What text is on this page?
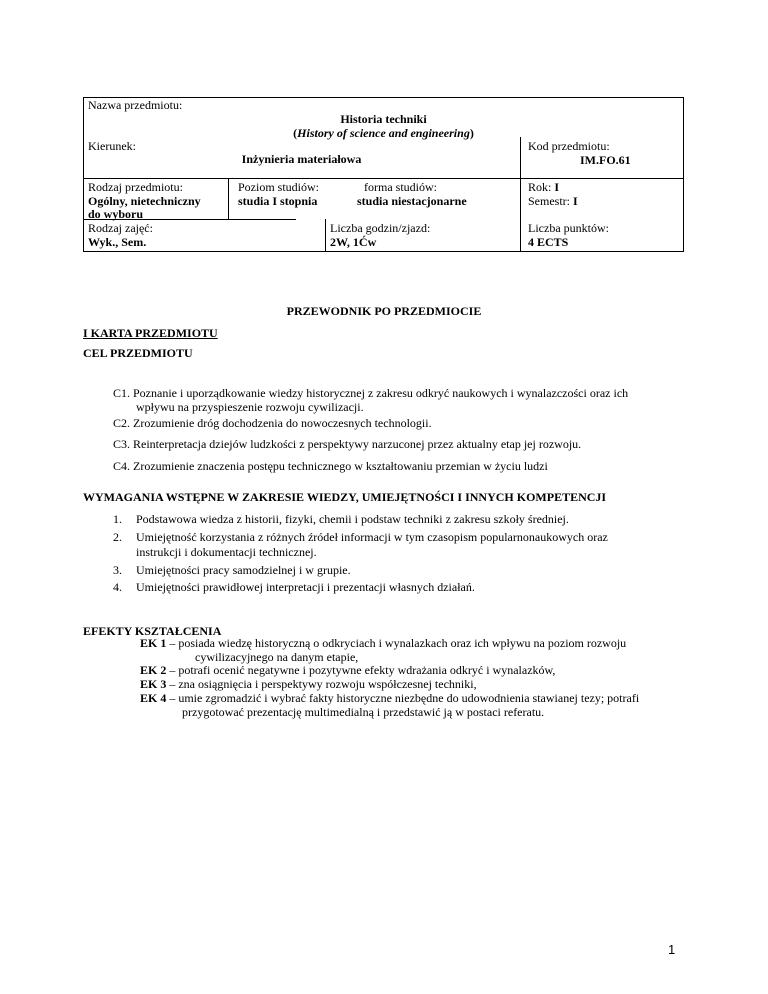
Nazwa przedmiotu:
Historia techniki
(History of science and engineering)
Kierunek:
Inżynieria materiałowa
Kod przedmiotu:
IM.FO.61
Rodzaj przedmiotu:
Ogólny, nietechniczny
do wyboru
Poziom studiów:
studia I stopnia
forma studiów:
studia niestacjonarne
Rok: I
Semestr: I
Rodzaj zajęć:
Wyk., Sem.
Liczba godzin/zjazd:
2W, 1Ćw
Liczba punktów:
4 ECTS
PRZEWODNIK PO PRZEDMIOCIE
I KARTA PRZEDMIOTU
CEL PRZEDMIOTU
C1. Poznanie i uporządkowanie wiedzy historycznej z zakresu odkryć naukowych i wynalazczości oraz ich
wpływu na przyspieszenie rozwoju cywilizacji.
C2. Zrozumienie dróg dochodzenia do nowoczesnych technologii.
C3. Reinterpretacja dziejów ludzkości z perspektywy narzuconej przez aktualny etap jej rozwoju.
C4. Zrozumienie znaczenia postępu technicznego w kształtowaniu przemian w życiu ludzi
WYMAGANIA WSTĘPNE W ZAKRESIE WIEDZY, UMIEJĘTNOŚCI I INNYCH KOMPETENCJI
1. Podstawowa wiedza z historii, fizyki, chemii i podstaw techniki z zakresu szkoły średniej.
2. Umiejętność korzystania z różnych źródeł informacji w tym czasopism popularnonaukowych oraz
instrukcji i dokumentacji technicznej.
3. Umiejętności pracy samodzielnej i w grupie.
4. Umiejętności prawidłowej interpretacji i prezentacji własnych działań.
EFEKTY KSZTAŁCENIA
EK 1 – posiada wiedzę historyczną o odkryciach i wynalazkach oraz ich wpływu na poziom rozwoju
cywilizacyjnego na danym etapie,
EK 2 – potrafi ocenić negatywne i pozytywne efekty wdrażania odkryć i wynalazków,
EK 3 – zna osiągnięcia i perspektywy rozwoju współczesnej techniki,
EK 4 – umie zgromadzić i wybrać fakty historyczne niezbędne do udowodnienia stawianej tezy; potrafi
przygotować prezentację multimedialną i przedstawić ją w postaci referatu.
1
